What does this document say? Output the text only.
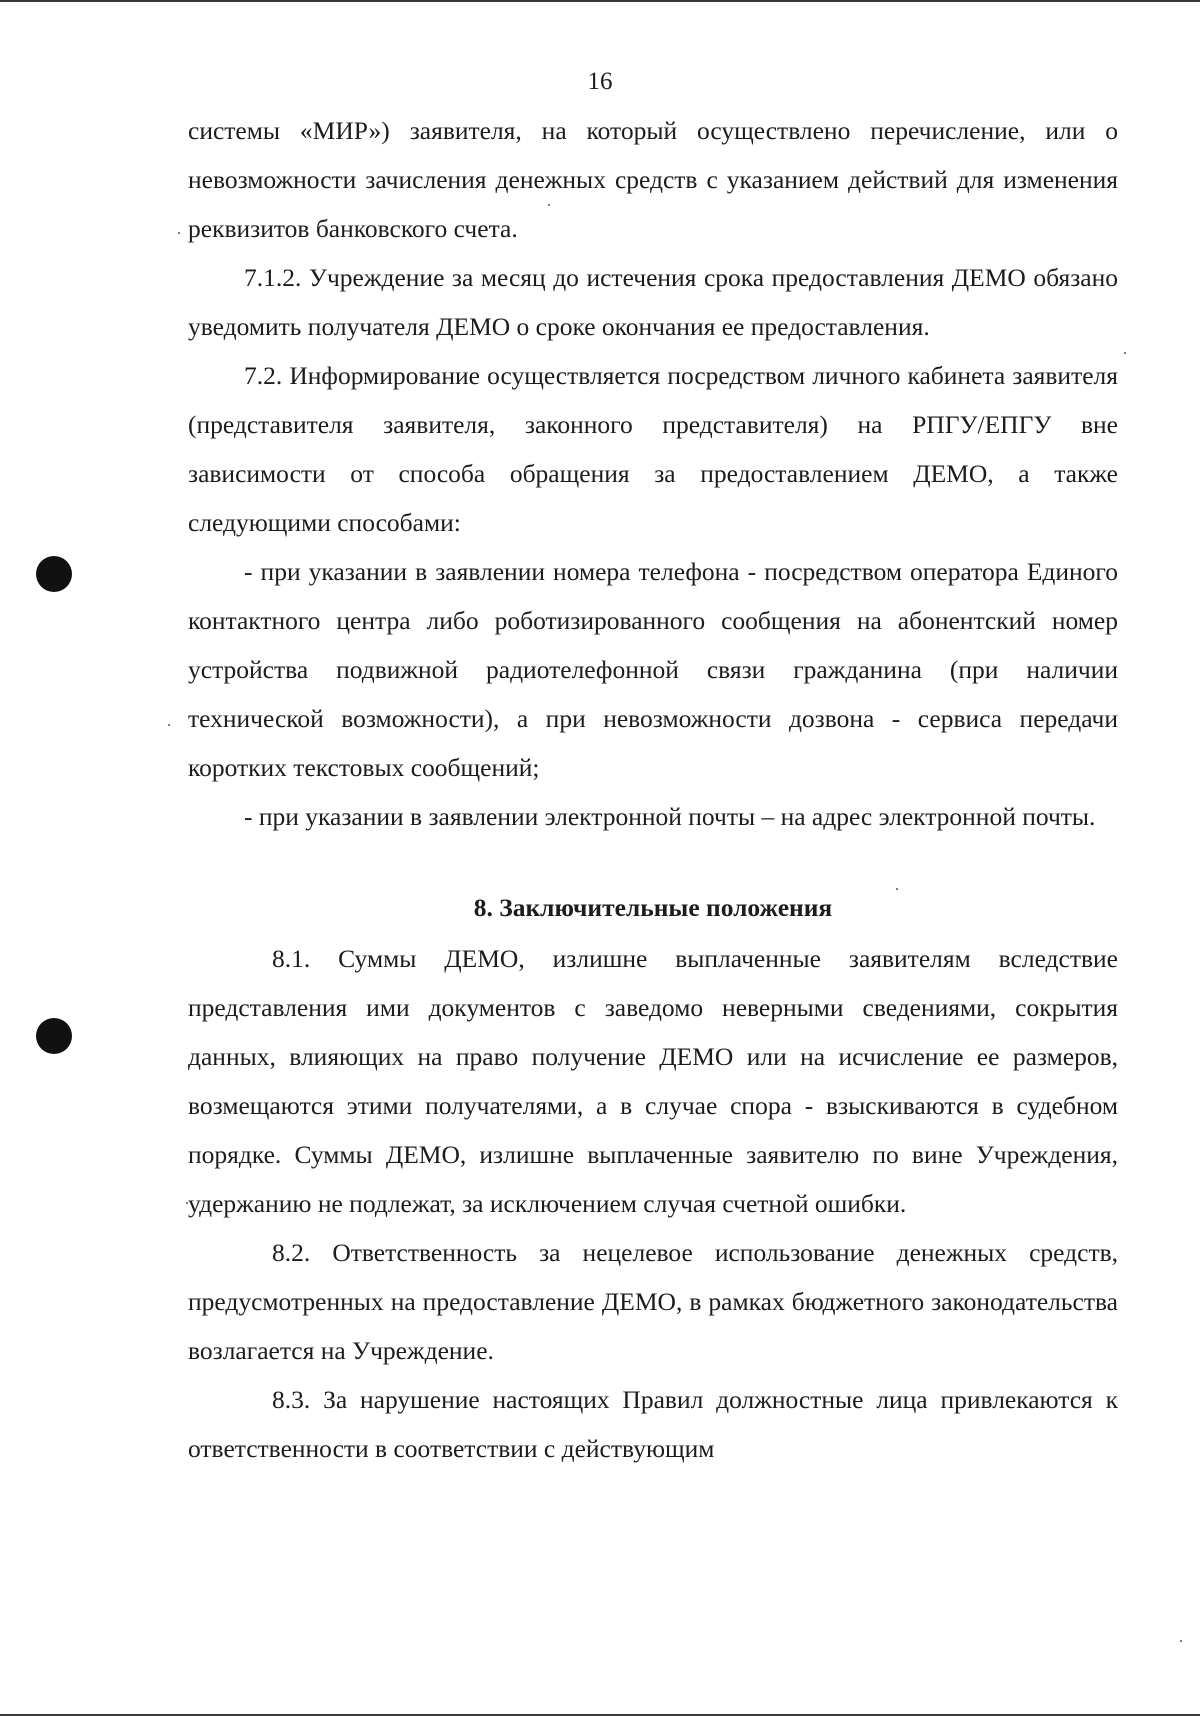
16

системы «МИР») заявителя, на который осуществлено перечисление, или о невозможности зачисления денежных средств с указанием действий для изменения реквизитов банковского счета.

7.1.2. Учреждение за месяц до истечения срока предоставления ДЕМО обязано уведомить получателя ДЕМО о сроке окончания ее предоставления.

7.2. Информирование осуществляется посредством личного кабинета заявителя (представителя заявителя, законного представителя) на РПГУ/ЕПГУ вне зависимости от способа обращения за предоставлением ДЕМО, а также следующими способами:

- при указании в заявлении номера телефона - посредством оператора Единого контактного центра либо роботизированного сообщения на абонентский номер устройства подвижной радиотелефонной связи гражданина (при наличии технической возможности), а при невозможности дозвона - сервиса передачи коротких текстовых сообщений;

- при указании в заявлении электронной почты – на адрес электронной почты.

8. Заключительные положения

8.1. Суммы ДЕМО, излишне выплаченные заявителям вследствие представления ими документов с заведомо неверными сведениями, сокрытия данных, влияющих на право получение ДЕМО или на исчисление ее размеров, возмещаются этими получателями, а в случае спора - взыскиваются в судебном порядке. Суммы ДЕМО, излишне выплаченные заявителю по вине Учреждения, удержанию не подлежат, за исключением случая счетной ошибки.

8.2. Ответственность за нецелевое использование денежных средств, предусмотренных на предоставление ДЕМО, в рамках бюджетного законодательства возлагается на Учреждение.

8.3. За нарушение настоящих Правил должностные лица привлекаются к ответственности в соответствии с действующим
